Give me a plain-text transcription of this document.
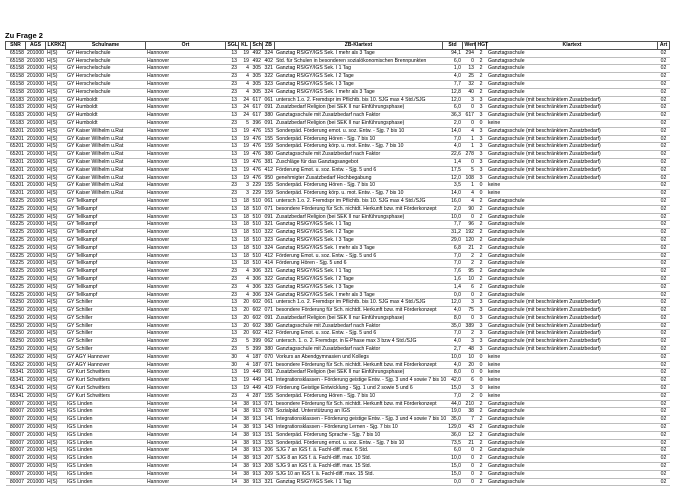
Zu Frage 2
SNR	AGS	LKRKZ	Schulname	Ort	SGL	KL	Sch	ZB	ZB-Klartext	Std	Wert	HGT	Klartext	Art
65158	201000	H(S)	GY Herschelschule	Hannover	13	19	492	324	Ganztag RS/GY/IGS Sek. I mehr als 3 Tage	94,1	294	2	Ganztagsschule	02
65158	201000	H(S)	GY Herschelschule	Hannover	13	19	492	402	Std. für Schulen in besonderen sozialökonomischen Brennpunkten	6,0	0	2	Ganztagsschule	02
65158	201000	H(S)	GY Herschelschule	Hannover	23	4	305	321	Ganztag RS/GY/IGS Sek. I 1 Tag	1,0	13	2	Ganztagsschule	02
65158	201000	H(S)	GY Herschelschule	Hannover	23	4	305	322	Ganztag RS/GY/IGS Sek. I 2 Tage	4,0	25	2	Ganztagsschule	02
65158	201000	H(S)	GY Herschelschule	Hannover	23	4	305	323	Ganztag RS/GY/IGS Sek. I 3 Tage	7,7	32	2	Ganztagsschule	02
65158	201000	H(S)	GY Herschelschule	Hannover	23	4	305	324	Ganztag RS/GY/IGS Sek. I mehr als 3 Tage	12,8	40	2	Ganztagsschule	02
65183	201000	H(S)	GY Humboldt	Hannover	13	24	617	061	untersch 1.o. 2. Fremdspr im Pflichtb. bis 10. SJG max 4 Std./SJG	12,0	3	3	Ganztagsschule (mit beschränktem Zusatzbedarf)	02
65183	201000	H(S)	GY Humboldt	Hannover	13	24	617	091	Zusatzbedarf Religion (bei SEK II nur Einführungsphase)	6,0	0	3	Ganztagsschule (mit beschränktem Zusatzbedarf)	02
65183	201000	H(S)	GY Humboldt	Hannover	13	24	617	380	Ganztagsschule mit Zusatzbedarf nach Faktor	36,3	617	3	Ganztagsschule (mit beschränktem Zusatzbedarf)	02
65183	201000	H(S)	GY Humboldt	Hannover	23	5	396	091	Zusatzbedarf Religion (bei SEK II nur Einführungsphase)	2,0	0	0	keine	02
65201	201000	H(S)	GY Kaiser Wilhelm u.Rat	Hannover	13	19	476	153	Sonderpäd. Förderung emot. u. soz. Entw. - Sjg. 7 bis 10	14,0	4	3	Ganztagsschule (mit beschränktem Zusatzbedarf)	02
65201	201000	H(S)	GY Kaiser Wilhelm u.Rat	Hannover	13	19	476	155	Sonderpäd. Förderung Hören - Sjg. 7 bis 10	7,0	1	3	Ganztagsschule (mit beschränktem Zusatzbedarf)	02
65201	201000	H(S)	GY Kaiser Wilhelm u.Rat	Hannover	13	19	476	159	Sonderpäd. Förderung körp. u. mot. Entw. - Sjg. 7 bis 10	4,0	1	3	Ganztagsschule (mit beschränktem Zusatzbedarf)	02
65201	201000	H(S)	GY Kaiser Wilhelm u.Rat	Hannover	13	19	476	380	Ganztagsschule mit Zusatzbedarf nach Faktor	22,6	278	3	Ganztagsschule (mit beschränktem Zusatzbedarf)	02
65201	201000	H(S)	GY Kaiser Wilhelm u.Rat	Hannover	13	19	476	381	Zuschläge für das Ganztagsangebot	1,4	0	3	Ganztagsschule (mit beschränktem Zusatzbedarf)	02
65201	201000	H(S)	GY Kaiser Wilhelm u.Rat	Hannover	13	19	476	412	Förderung Emot. u. soz. Entw. - Sjg. 5 und 6	17,5	5	3	Ganztagsschule (mit beschränktem Zusatzbedarf)	02
65201	201000	H(S)	GY Kaiser Wilhelm u.Rat	Hannover	13	19	476	950	genehmigter Zusatzbedarf Hochbegabung	12,0	108	3	Ganztagsschule (mit beschränktem Zusatzbedarf)	02
65201	201000	H(S)	GY Kaiser Wilhelm u.Rat	Hannover	23	3	229	155	Sonderpäd. Förderung Hören - Sjg. 7 bis 10	3,5	1	0	keine	02
65201	201000	H(S)	GY Kaiser Wilhelm u.Rat	Hannover	23	3	229	159	Sonderpäd. Förderung körp. u. mot. Entw. - Sjg. 7 bis 10	14,0	4	0	keine	02
65225	201000	H(S)	GY Tellkampf	Hannover	13	18	510	061	untersch 1.o. 2. Fremdspr im Pflichtb. bis 10. SJG max 4 Std./SJG	16,0	4	2	Ganztagsschule	02
65225	201000	H(S)	GY Tellkampf	Hannover	13	18	510	071	besondere Förderung für Sch. nichtdt. Herkunft bzw. mit Förderkonzept	2,0	90	2	Ganztagsschule	02
65225	201000	H(S)	GY Tellkampf	Hannover	13	18	510	091	Zusatzbedarf Religion (bei SEK II nur Einführungsphase)	10,0	0	2	Ganztagsschule	02
65225	201000	H(S)	GY Tellkampf	Hannover	13	18	510	321	Ganztag RS/GY/IGS Sek. I 1 Tag	7,7	96	2	Ganztagsschule	02
65225	201000	H(S)	GY Tellkampf	Hannover	13	18	510	322	Ganztag RS/GY/IGS Sek. I 2 Tage	31,2	192	2	Ganztagsschule	02
65225	201000	H(S)	GY Tellkampf	Hannover	13	18	510	323	Ganztag RS/GY/IGS Sek. I 3 Tage	29,0	120	2	Ganztagsschule	02
65225	201000	H(S)	GY Tellkampf	Hannover	13	18	510	324	Ganztag RS/GY/IGS Sek. I mehr als 3 Tage	6,8	21	2	Ganztagsschule	02
65225	201000	H(S)	GY Tellkampf	Hannover	13	18	510	412	Förderung Emot. u. soz. Entw. - Sjg. 5 und 6	7,0	2	2	Ganztagsschule	02
65225	201000	H(S)	GY Tellkampf	Hannover	13	18	510	414	Förderung Hören - Sjg. 5 und 6	7,0	2	2	Ganztagsschule	02
65225	201000	H(S)	GY Tellkampf	Hannover	23	4	306	321	Ganztag RS/GY/IGS Sek. I 1 Tag	7,6	95	2	Ganztagsschule	02
65225	201000	H(S)	GY Tellkampf	Hannover	23	4	306	322	Ganztag RS/GY/IGS Sek. I 2 Tage	1,6	10	2	Ganztagsschule	02
65225	201000	H(S)	GY Tellkampf	Hannover	23	4	306	323	Ganztag RS/GY/IGS Sek. I 3 Tage	1,4	6	2	Ganztagsschule	02
65225	201000	H(S)	GY Tellkampf	Hannover	23	4	306	324	Ganztag RS/GY/IGS Sek. I mehr als 3 Tage	0,0	0	2	Ganztagsschule	02
65250	201000	H(S)	GY Schiller	Hannover	13	20	602	061	untersch 1.o. 2. Fremdspr im Pflichtb. bis 10. SJG max 4 Std./SJG	12,0	3	3	Ganztagsschule (mit beschränktem Zusatzbedarf)	02
65250	201000	H(S)	GY Schiller	Hannover	13	20	602	071	besondere Förderung für Sch. nichtdt. Herkunft bzw. mit Förderkonzept	4,0	75	3	Ganztagsschule (mit beschränktem Zusatzbedarf)	02
65250	201000	H(S)	GY Schiller	Hannover	13	20	602	091	Zusatzbedarf Religion (bei SEK II nur Einführungsphase)	8,0	0	3	Ganztagsschule (mit beschränktem Zusatzbedarf)	02
65250	201000	H(S)	GY Schiller	Hannover	13	20	602	380	Ganztagsschule mit Zusatzbedarf nach Faktor	35,0	389	3	Ganztagsschule (mit beschränktem Zusatzbedarf)	02
65250	201000	H(S)	GY Schiller	Hannover	13	20	602	412	Förderung Emot. u. soz. Entw. - Sjg. 5 und 6	7,0	2	3	Ganztagsschule (mit beschränktem Zusatzbedarf)	02
65250	201000	H(S)	GY Schiller	Hannover	23	5	399	062	untersch. 1. o. 2. Fremdspr. in E-Phase max 3 bzw 4 Std./SJG	4,0	3	3	Ganztagsschule (mit beschränktem Zusatzbedarf)	02
65250	201000	H(S)	GY Schiller	Hannover	23	5	399	380	Ganztagsschule mit Zusatzbedarf nach Faktor	2,7	48	3	Ganztagsschule (mit beschränktem Zusatzbedarf)	02
65262	201000	H(S)	GY AGY Hannover	Hannover	30	4	187	070	Vorkurs an Abendgymnasien und Kollegs	10,0	10	0	keine	02
65262	201000	H(S)	GY AGY Hannover	Hannover	30	4	187	071	besondere Förderung für Sch. nichtdt. Herkunft bzw. mit Förderkonzept	4,0	20	0	keine	02
65341	201000	H(S)	GY Kurt Schwitters	Hannover	13	19	449	091	Zusatzbedarf Religion (bei SEK II nur Einführungsphase)	8,0	0	0	keine	02
65341	201000	H(S)	GY Kurt Schwitters	Hannover	13	19	449	141	Integrationsklassen - Förderung geistige Entw. - Sjg. 3 und 4 sowie 7 bis 10	42,0	6	0	keine	02
65341	201000	H(S)	GY Kurt Schwitters	Hannover	13	19	449	419	Förderung Geistige Entwicklung - Sjg. 1 und 2 sowie 5 und 6	15,0	3	0	keine	02
65341	201000	H(S)	GY Kurt Schwitters	Hannover	23	4	287	155	Sonderpäd. Förderung Hören - Sjg. 7 bis 10	7,0	2	0	keine	02
80007	201000	H(S)	IGS Linden	Hannover	14	38	913	071	besondere Förderung für Sch. nichtdt. Herkunft bzw. mit Förderkonzept	44,0	210	2	Ganztagsschule	02
80007	201000	H(S)	IGS Linden	Hannover	14	38	913	078	Sozialpäd. Unterstützung an IGS	19,0	38	2	Ganztagsschule	02
80007	201000	H(S)	IGS Linden	Hannover	14	38	913	141	Integrationsklassen - Förderung geistige Entw. - Sjg. 3 und 4 sowie 7 bis 10	35,0	7	2	Ganztagsschule	02
80007	201000	H(S)	IGS Linden	Hannover	14	38	913	143	Integrationsklassen - Förderung Lernen - Sjg. 7 bis 10	129,0	43	2	Ganztagsschule	02
80007	201000	H(S)	IGS Linden	Hannover	14	38	913	151	Sonderpäd. Förderung Sprache - Sjg. 7 bis 10	36,0	12	2	Ganztagsschule	02
80007	201000	H(S)	IGS Linden	Hannover	14	38	913	153	Sonderpäd. Förderung emot. u. soz. Entw. - Sjg. 7 bis 10	73,5	21	2	Ganztagsschule	02
80007	201000	H(S)	IGS Linden	Hannover	14	38	913	206	SJG 7 an IGS f. ä. Fachl-diff. max. 6 Std.	6,0	0	2	Ganztagsschule	02
80007	201000	H(S)	IGS Linden	Hannover	14	38	913	207	SJG 8 an IGS f. ä. Fachl-diff. max. 10 Std.	10,0	0	2	Ganztagsschule	02
80007	201000	H(S)	IGS Linden	Hannover	14	38	913	208	SJG 9 an IGS f. ä. Fachl-diff. max. 15 Std.	15,0	0	2	Ganztagsschule	02
80007	201000	H(S)	IGS Linden	Hannover	14	38	913	209	SJG 10 an IGS f. ä. Fachl-diff. max. 15 Std.	15,0	0	2	Ganztagsschule	02
80007	201000	H(S)	IGS Linden	Hannover	14	38	913	321	Ganztag RS/GY/IGS Sek. I 1 Tag	0,0	0	2	Ganztagsschule	02
